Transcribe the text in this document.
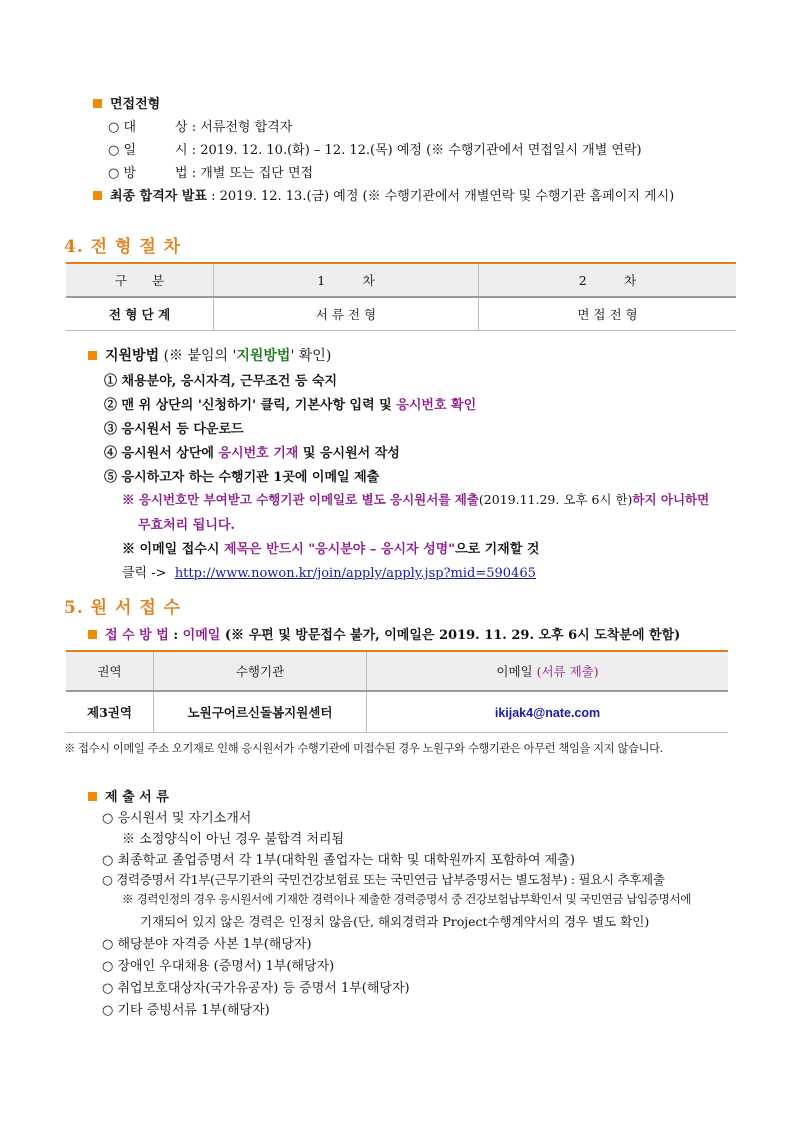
면접전형
○ 대　　　상 : 서류전형 합격자
○ 일　　　시 : 2019. 12. 10.(화) – 12. 12.(목) 예정 (※ 수행기관에서 면접일시 개별 연락)
○ 방　　　법 : 개별 또는 집단 면접
최종 합격자 발표 : 2019. 12. 13.(금) 예정 (※ 수행기관에서 개별연락 및 수행기관 홈페이지 게시)
4. 전 형 절 차
구　　분	1　　　차	2　　　차
전 형 단 계	서 류 전 형	면 접 전 형
지원방법 (※ 붙임의 '지원방법' 확인)
① 채용분야, 응시자격, 근무조건 등 숙지
② 맨 위 상단의 '신청하기' 클릭, 기본사항 입력 및 응시번호 확인
③ 응시원서 등 다운로드
④ 응시원서 상단에 응시번호 기재 및 응시원서 작성
⑤ 응시하고자 하는 수행기관 1곳에 이메일 제출
※ 응시번호만 부여받고 수행기관 이메일로 별도 응시원서를 제출(2019.11.29. 오후 6시 한)하지 아니하면
무효처리 됩니다.
※ 이메일 접수시 제목은 반드시 "응시분야 – 응시자 성명"으로 기재할 것
클릭 -> http://www.nowon.kr/join/apply/apply.jsp?mid=590465
5. 원 서 접 수
접 수 방 법 : 이메일 (※ 우편 및 방문접수 불가, 이메일은 2019. 11. 29. 오후 6시 도착분에 한함)
권역	수행기관	이메일 (서류 제출)
제3권역	노원구어르신돌봄지원센터	ikijak4@nate.com
※ 접수시 이메일 주소 오기재로 인해 응시원서가 수행기관에 미접수된 경우 노원구와 수행기관은 아무런 책임을 지지 않습니다.
제 출 서 류
○ 응시원서 및 자기소개서
※ 소정양식이 아닌 경우 불합격 처리됨
○ 최종학교 졸업증명서 각 1부(대학원 졸업자는 대학 및 대학원까지 포함하여 제출)
○ 경력증명서 각1부(근무기관의 국민건강보험료 또는 국민연금 납부증명서는 별도첨부) : 필요시 추후제출
※ 경력인정의 경우 응시원서에 기재한 경력이나 제출한 경력증명서 중 건강보험납부확인서 및 국민연금 납입증명서에
기재되어 있지 않은 경력은 인정치 않음(단, 해외경력과 Project수행계약서의 경우 별도 확인)
○ 해당분야 자격증 사본 1부(해당자)
○ 장애인 우대채용 (증명서) 1부(해당자)
○ 취업보호대상자(국가유공자) 등 증명서 1부(해당자)
○ 기타 증빙서류 1부(해당자)
